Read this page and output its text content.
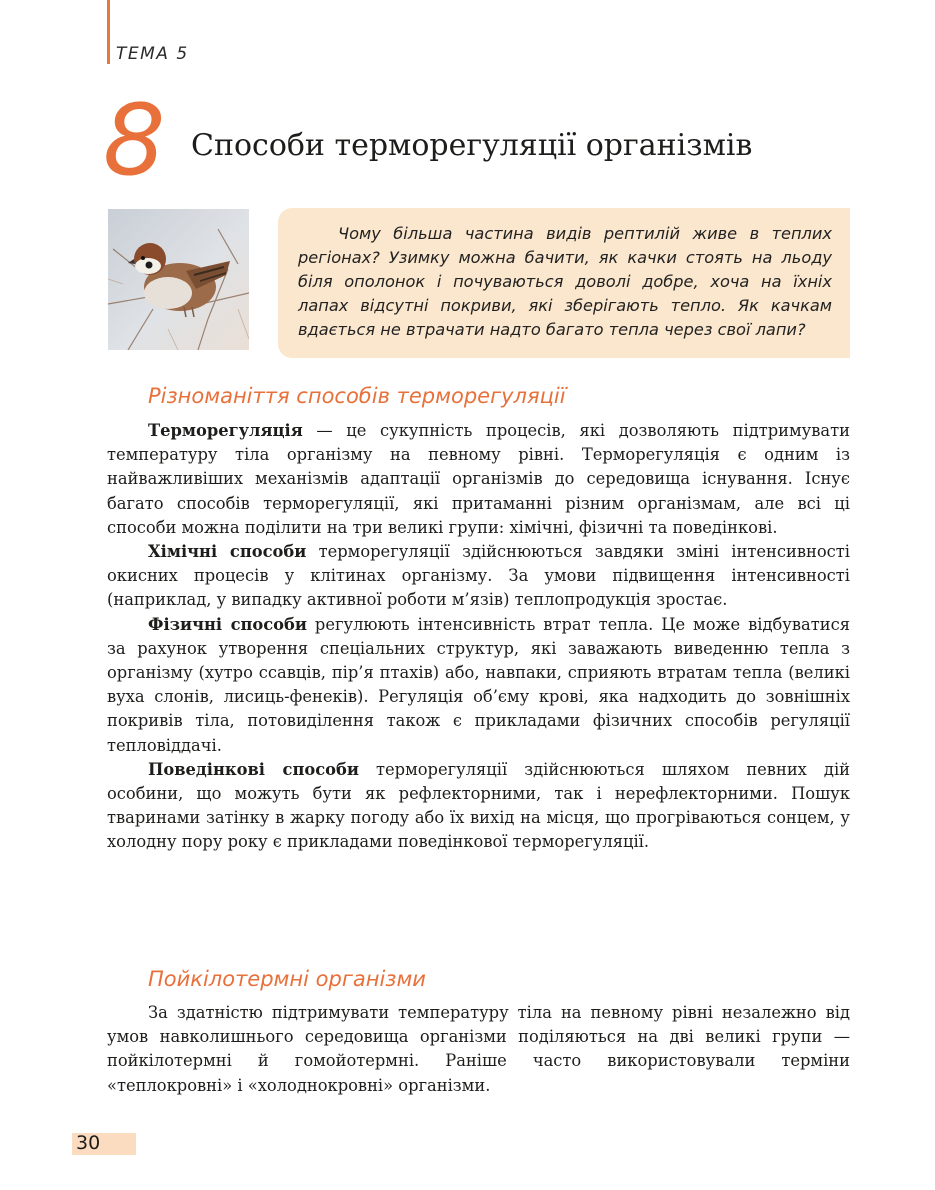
ТЕМА 5
8 Способи терморегуляції організмів

Чому більша частина видів рептилій живе в теплих регіонах? Узимку можна бачити, як качки стоять на льоду біля ополонок і почуваються доволі добре, хоча на їхніх лапах відсутні покриви, які зберігають тепло. Як качкам вдається не втрачати надто багато тепла через свої лапи?

Різноманіття способів терморегуляції

Терморегуляція — це сукупність процесів, які дозволяють підтримувати температуру тіла організму на певному рівні. Терморегуляція є одним із найважливіших механізмів адаптації організмів до середовища існування. Існує багато способів терморегуляції, які притаманні різним організмам, але всі ці способи можна поділити на три великі групи: хімічні, фізичні та поведінкові.

Хімічні способи терморегуляції здійснюються завдяки зміні інтенсивності окисних процесів у клітинах організму. За умови підвищення інтенсивності (наприклад, у випадку активної роботи м’язів) теплопродукція зростає.

Фізичні способи регулюють інтенсивність втрат тепла. Це може відбуватися за рахунок утворення спеціальних структур, які заважають виведенню тепла з організму (хутро ссавців, пір’я птахів) або, навпаки, сприяють втратам тепла (великі вуха слонів, лисиць-фенеків). Регуляція об’єму крові, яка надходить до зовнішніх покривів тіла, потовиділення також є прикладами фізичних способів регуляції тепловіддачі.

Поведінкові способи терморегуляції здійснюються шляхом певних дій особини, що можуть бути як рефлекторними, так і нерефлекторними. Пошук тваринами затінку в жарку погоду або їх вихід на місця, що прогріваються сонцем, у холодну пору року є прикладами поведінкової терморегуляції.

Пойкілотермні організми

За здатністю підтримувати температуру тіла на певному рівні незалежно від умов навколишнього середовища організми поділяються на дві великі групи — пойкілотермні й гомойотермні. Раніше часто використовували терміни «теплокровні» і «холоднокровні» організми.

30
